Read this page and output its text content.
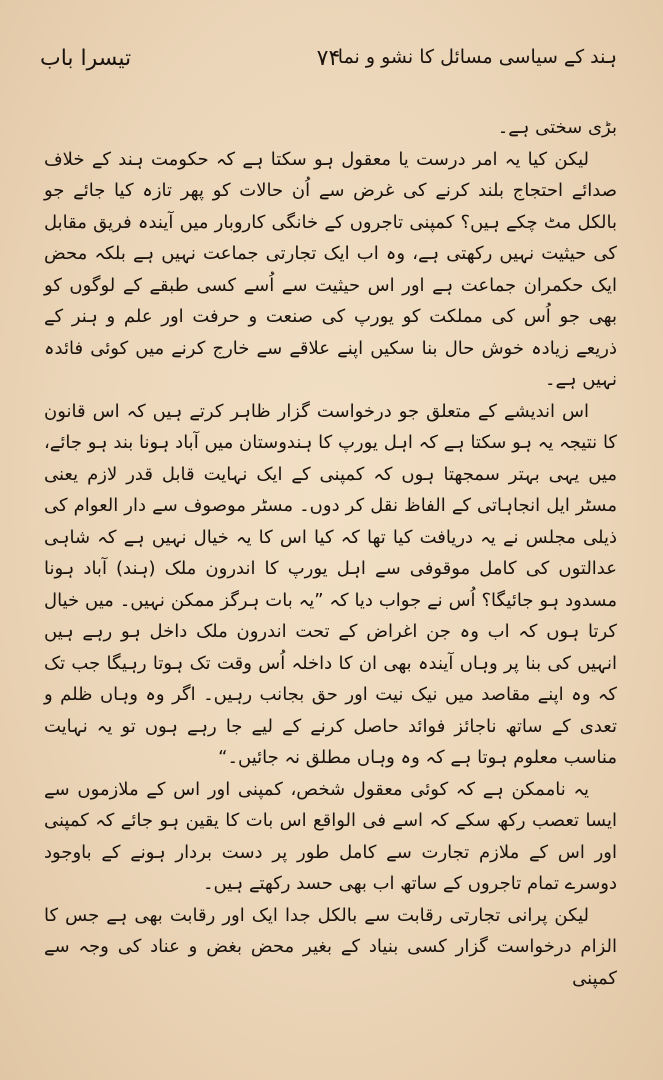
ہند کے سیاسی مسائل کا نشو و نما
۷۴
تیسرا باب

بڑی سختی ہے۔

لیکن کیا یہ امر درست یا معقول ہو سکتا ہے کہ حکومت ہند کے خلاف صدائے احتجاج بلند کرنے کی غرض سے اُن حالات کو پھر تازہ کیا جائے جو بالکل مٹ چکے ہیں؟ کمپنی تاجروں کے خانگی کاروبار میں آیندہ فریق مقابل کی حیثیت نہیں رکھتی ہے، وہ اب ایک تجارتی جماعت نہیں ہے بلکہ محض ایک حکمران جماعت ہے اور اس حیثیت سے اُسے کسی طبقے کے لوگوں کو بھی جو اُس کی مملکت کو یورپ کی صنعت و حرفت اور علم و ہنر کے ذریعے زیادہ خوش حال بنا سکیں اپنے علاقے سے خارج کرنے میں کوئی فائدہ نہیں ہے۔

اس اندیشے کے متعلق جو درخواست گزار ظاہر کرتے ہیں کہ اس قانون کا نتیجہ یہ ہو سکتا ہے کہ اہل یورپ کا ہندوستان میں آباد ہونا بند ہو جائے، میں یہی بہتر سمجھتا ہوں کہ کمپنی کے ایک نہایت قابل قدر لازم یعنی مسٹر ایل انجاہاتی کے الفاظ نقل کر دوں۔ مسٹر موصوف سے دار العوام کی ذیلی مجلس نے یہ دریافت کیا تھا کہ کیا اس کا یہ خیال نہیں ہے کہ شاہی عدالتوں کی کامل موقوفی سے اہل یورپ کا اندرون ملک (ہند) آباد ہونا مسدود ہو جائیگا؟ اُس نے جواب دیا کہ ”یہ بات ہرگز ممکن نہیں۔ میں خیال کرتا ہوں کہ اب وہ جن اغراض کے تحت اندرون ملک داخل ہو رہے ہیں انہیں کی بنا پر وہاں آیندہ بھی ان کا داخلہ اُس وقت تک ہوتا رہیگا جب تک کہ وہ اپنے مقاصد میں نیک نیت اور حق بجانب رہیں۔ اگر وہ وہاں ظلم و تعدی کے ساتھ ناجائز فوائد حاصل کرنے کے لیے جا رہے ہوں تو یہ نہایت مناسب معلوم ہوتا ہے کہ وہ وہاں مطلق نہ جائیں۔“

یہ ناممکن ہے کہ کوئی معقول شخص، کمپنی اور اس کے ملازموں سے ایسا تعصب رکھ سکے کہ اسے فی الواقع اس بات کا یقین ہو جائے کہ کمپنی اور اس کے ملازم تجارت سے کامل طور پر دست بردار ہونے کے باوجود دوسرے تمام تاجروں کے ساتھ اب بھی حسد رکھتے ہیں۔

لیکن پرانی تجارتی رقابت سے بالکل جدا ایک اور رقابت بھی ہے جس کا الزام درخواست گزار کسی بنیاد کے بغیر محض بغض و عناد کی وجہ سے کمپنی
